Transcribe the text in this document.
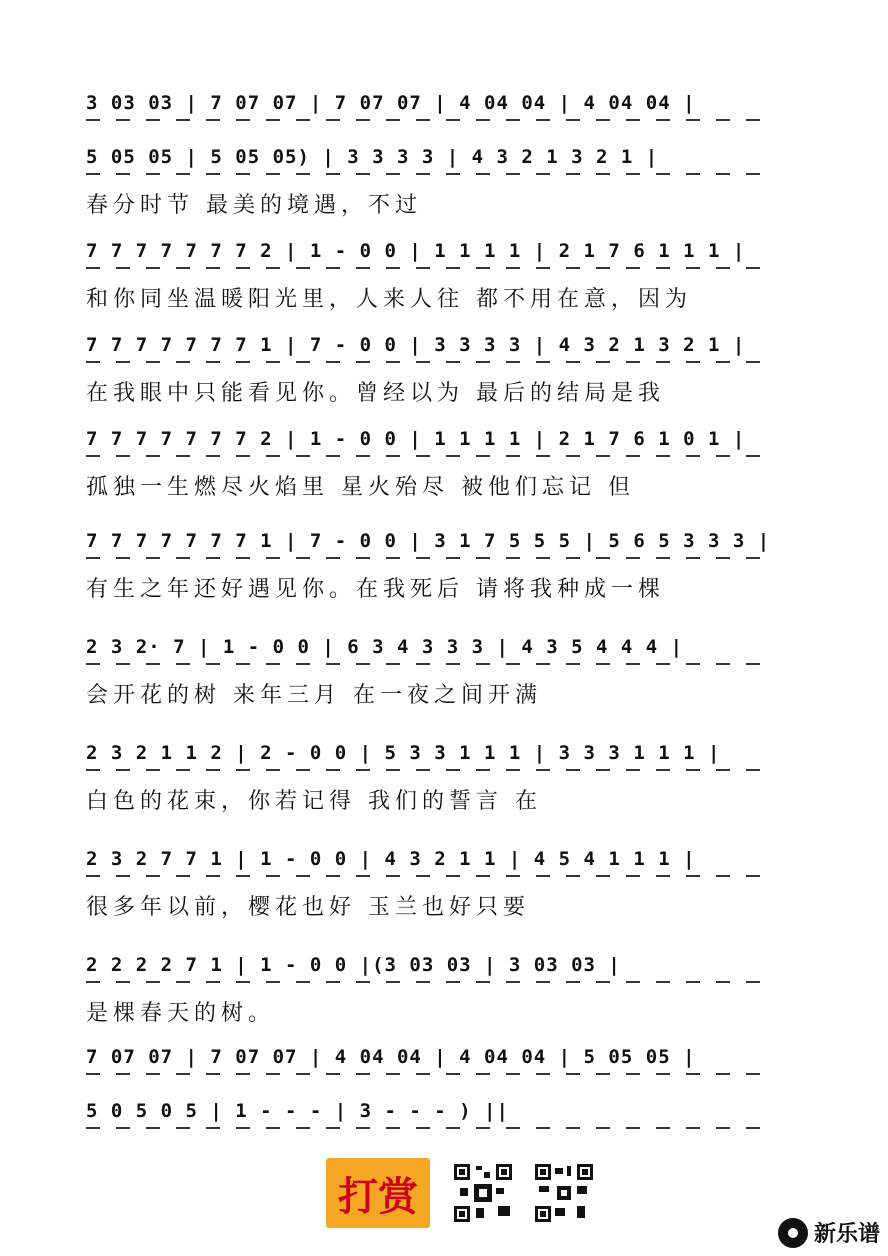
3 03 03 | 7 07 07 | 7 07 07 | 4 04 04 | 4 04 04 |
5 05 05 | 5 05 05) | 3 3 3 3 | 4 3 2 1 3 2 1 |
春分时节 最美的境遇，不过
7 7 7 7 7 7 7 2 | 1 - 0 0 | 1 1 1 1 | 2 1 7 6 1 1 1 |
和你同坐温暖阳光里，人来人往 都不用在意，因为
7 7 7 7 7 7 7 1 | 7 - 0 0 | 3 3 3 3 | 4 3 2 1 3 2 1 |
在我眼中只能看见你。曾经以为 最后的结局是我
7 7 7 7 7 7 7 2 | 1 - 0 0 | 1 1 1 1 | 2 1 7 6 1 0 1 |
孤独一生燃尽火焰里 星火殆尽 被他们忘记 但
7 7 7 7 7 7 7 1 | 7 - 0 0 | 3 1 7 5 5 5 | 5 6 5 3 3 3 |
有生之年还好遇见你。在我死后 请将我种成一棵
2 3 2· 7 | 1 - 0 0 | 6 3 4 3 3 3 | 4 3 5 4 4 4 |
会开花的树 来年三月 在一夜之间开满
2 3 2 1 1 2 | 2 - 0 0 | 5 3 3 1 1 1 | 3 3 3 1 1 1 |
白色的花束，你若记得 我们的誓言 在
2 3 2 7 7 1 | 1 - 0 0 | 4 3 2 1 1 | 4 5 4 1 1 1 |
很多年以前，樱花也好 玉兰也好只要
2 2 2 2 7 1 | 1 - 0 0 |(3 03 03 | 3 03 03 |
是棵春天的树。
7 07 07 | 7 07 07 | 4 04 04 | 4 04 04 | 5 05 05 |
5 0 5 0 5 | 1 - - - | 3 - - - ) ||
打赏
新乐谱
